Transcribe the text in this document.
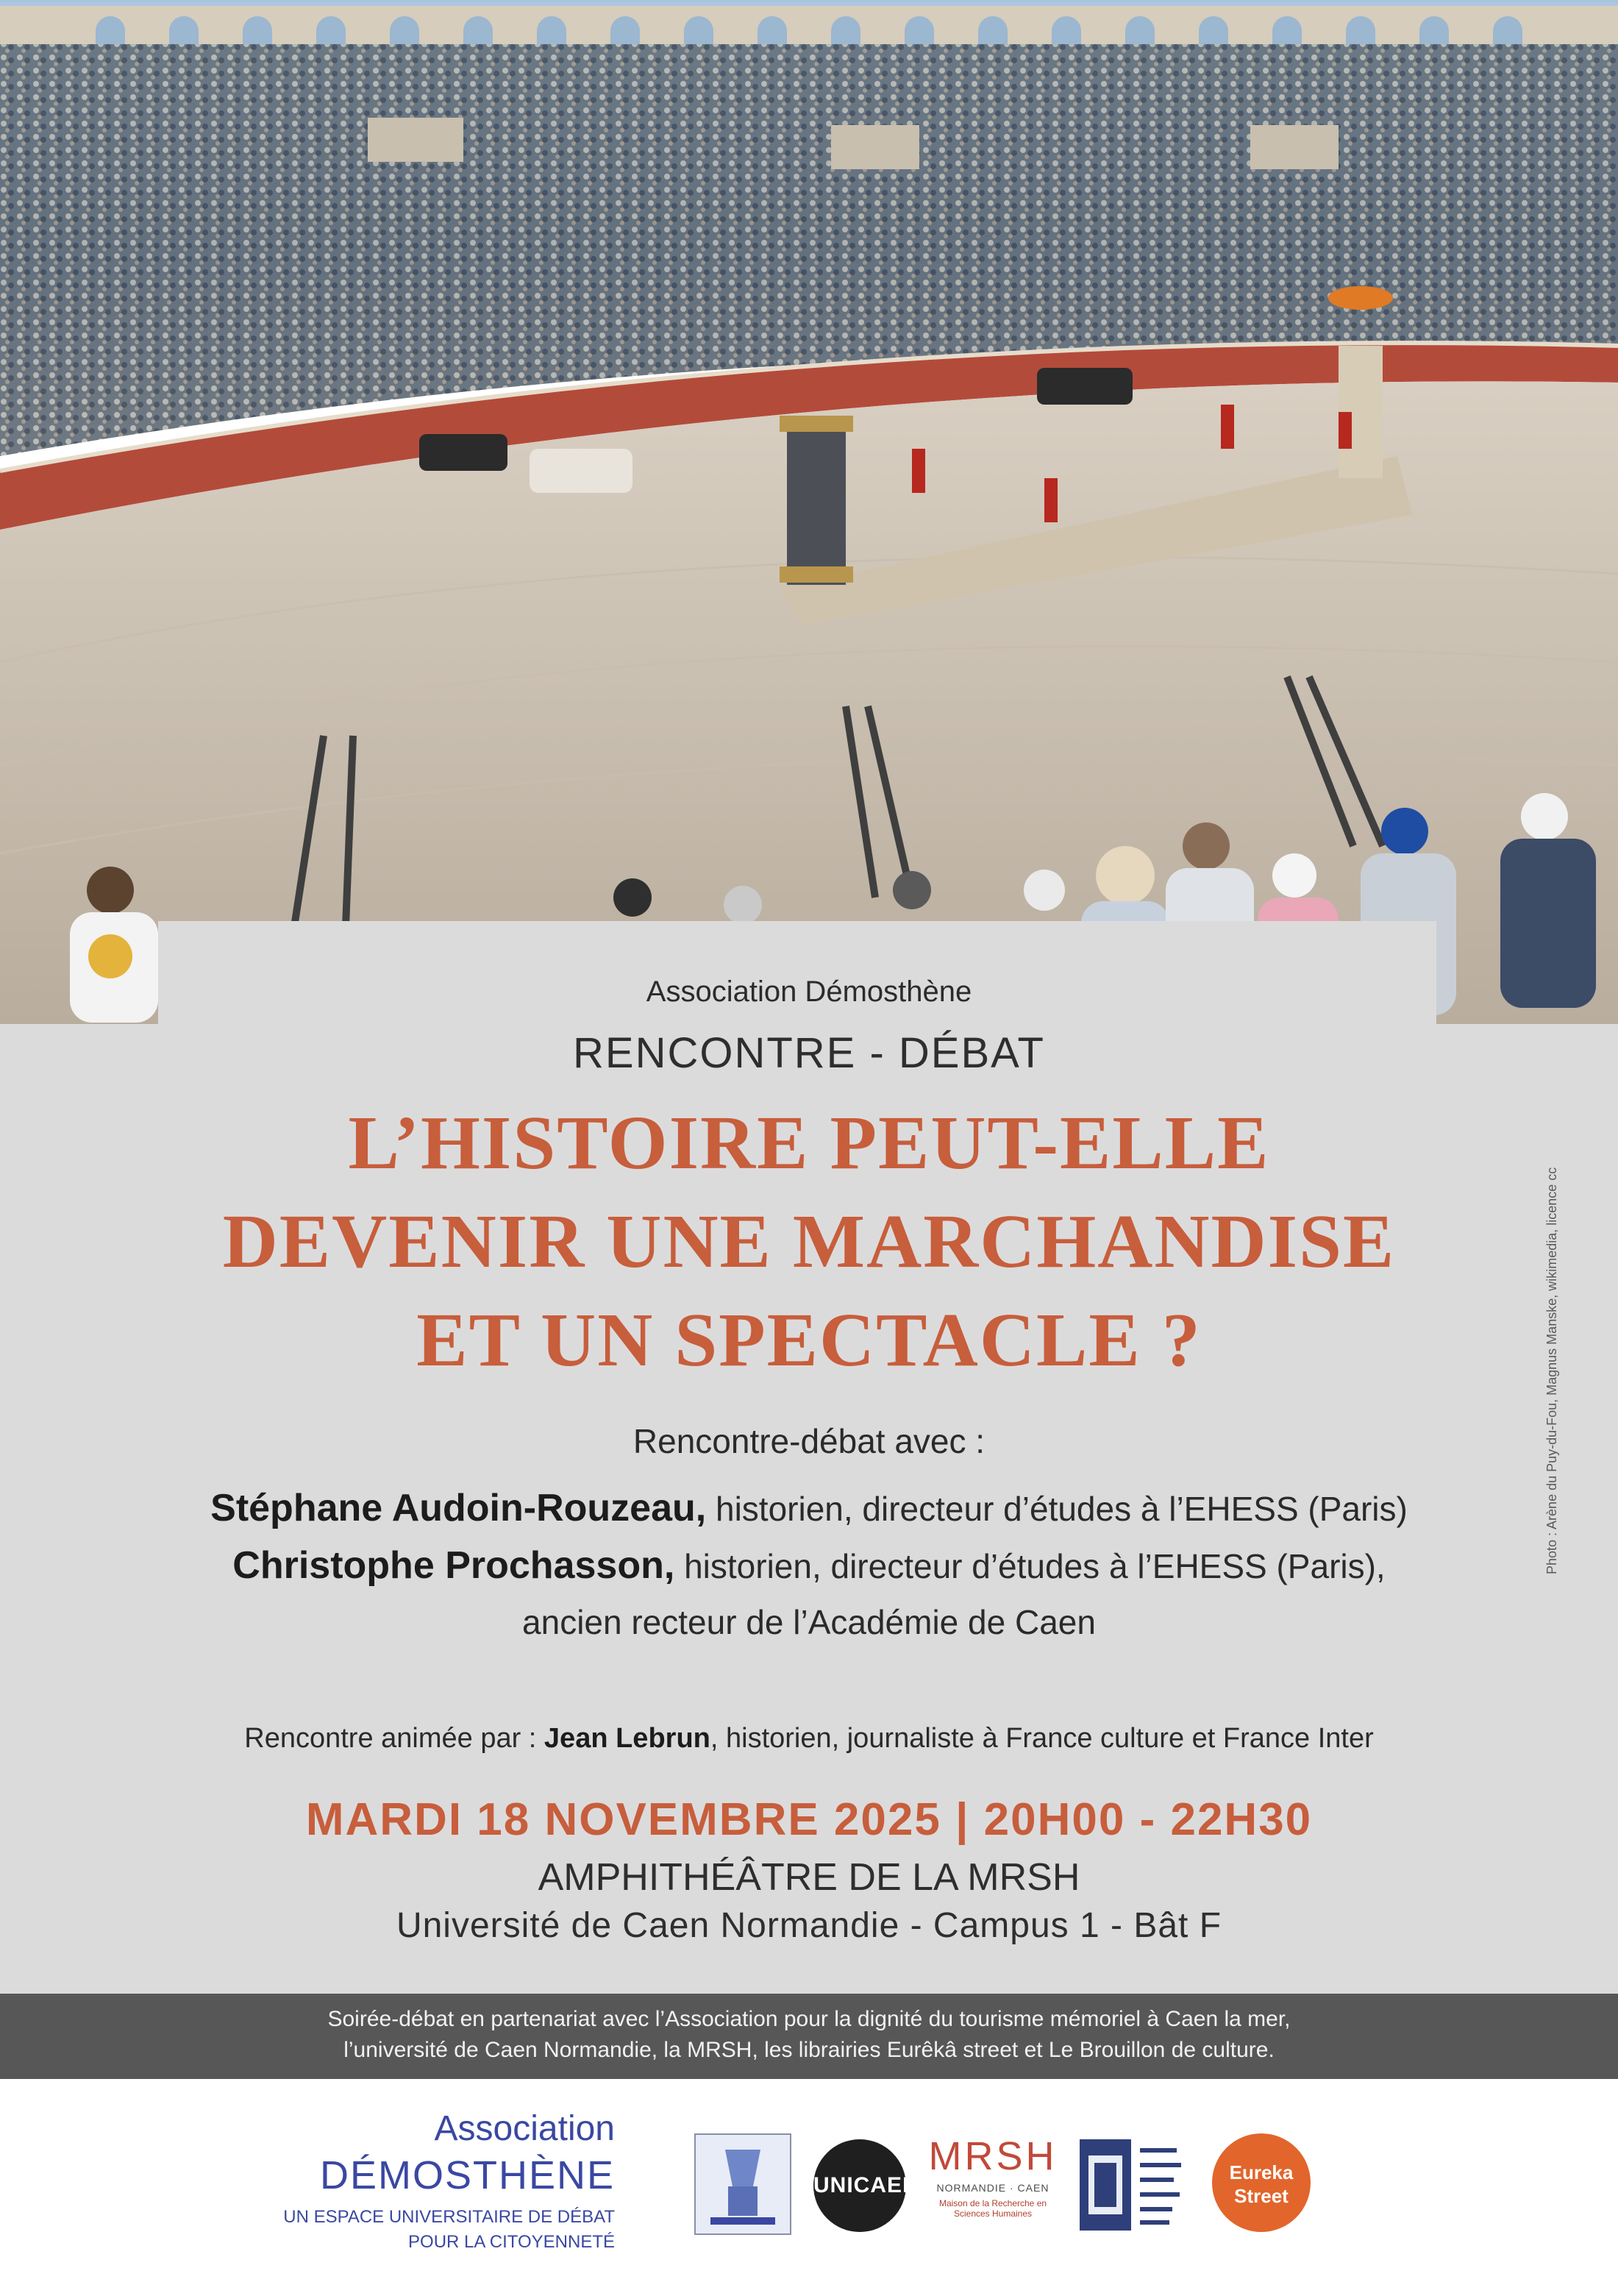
Association Démosthène
RENCONTRE - DÉBAT
L’HISTOIRE PEUT-ELLE
DEVENIR UNE MARCHANDISE
ET UN SPECTACLE ?
Rencontre-débat avec :
Stéphane Audoin-Rouzeau, historien, directeur d’études à l’EHESS (Paris)
Christophe Prochasson, historien, directeur d’études à l’EHESS (Paris),
ancien recteur de l’Académie de Caen
Rencontre animée par : Jean Lebrun, historien, journaliste à France culture et France Inter
MARDI 18 NOVEMBRE 2025 | 20H00 - 22H30
AMPHITHÉÂTRE DE LA MRSH
Université de Caen Normandie - Campus 1 - Bât F
Photo : Arène du Puy-du-Fou, Magnus Manske, wikimedia, licence cc
Soirée-débat en partenariat avec l’Association pour la dignité du tourisme mémoriel à Caen la mer,
l’université de Caen Normandie, la MRSH, les librairies Eurêkâ street et Le Brouillon de culture.
Association
DÉMOSTHÈNE
UN ESPACE UNIVERSITAIRE DE DÉBAT
POUR LA CITOYENNETÉ
UNICAEN
MRSH
NORMANDIE · CAEN
Maison de la Recherche en Sciences Humaines
Eureka
Street
